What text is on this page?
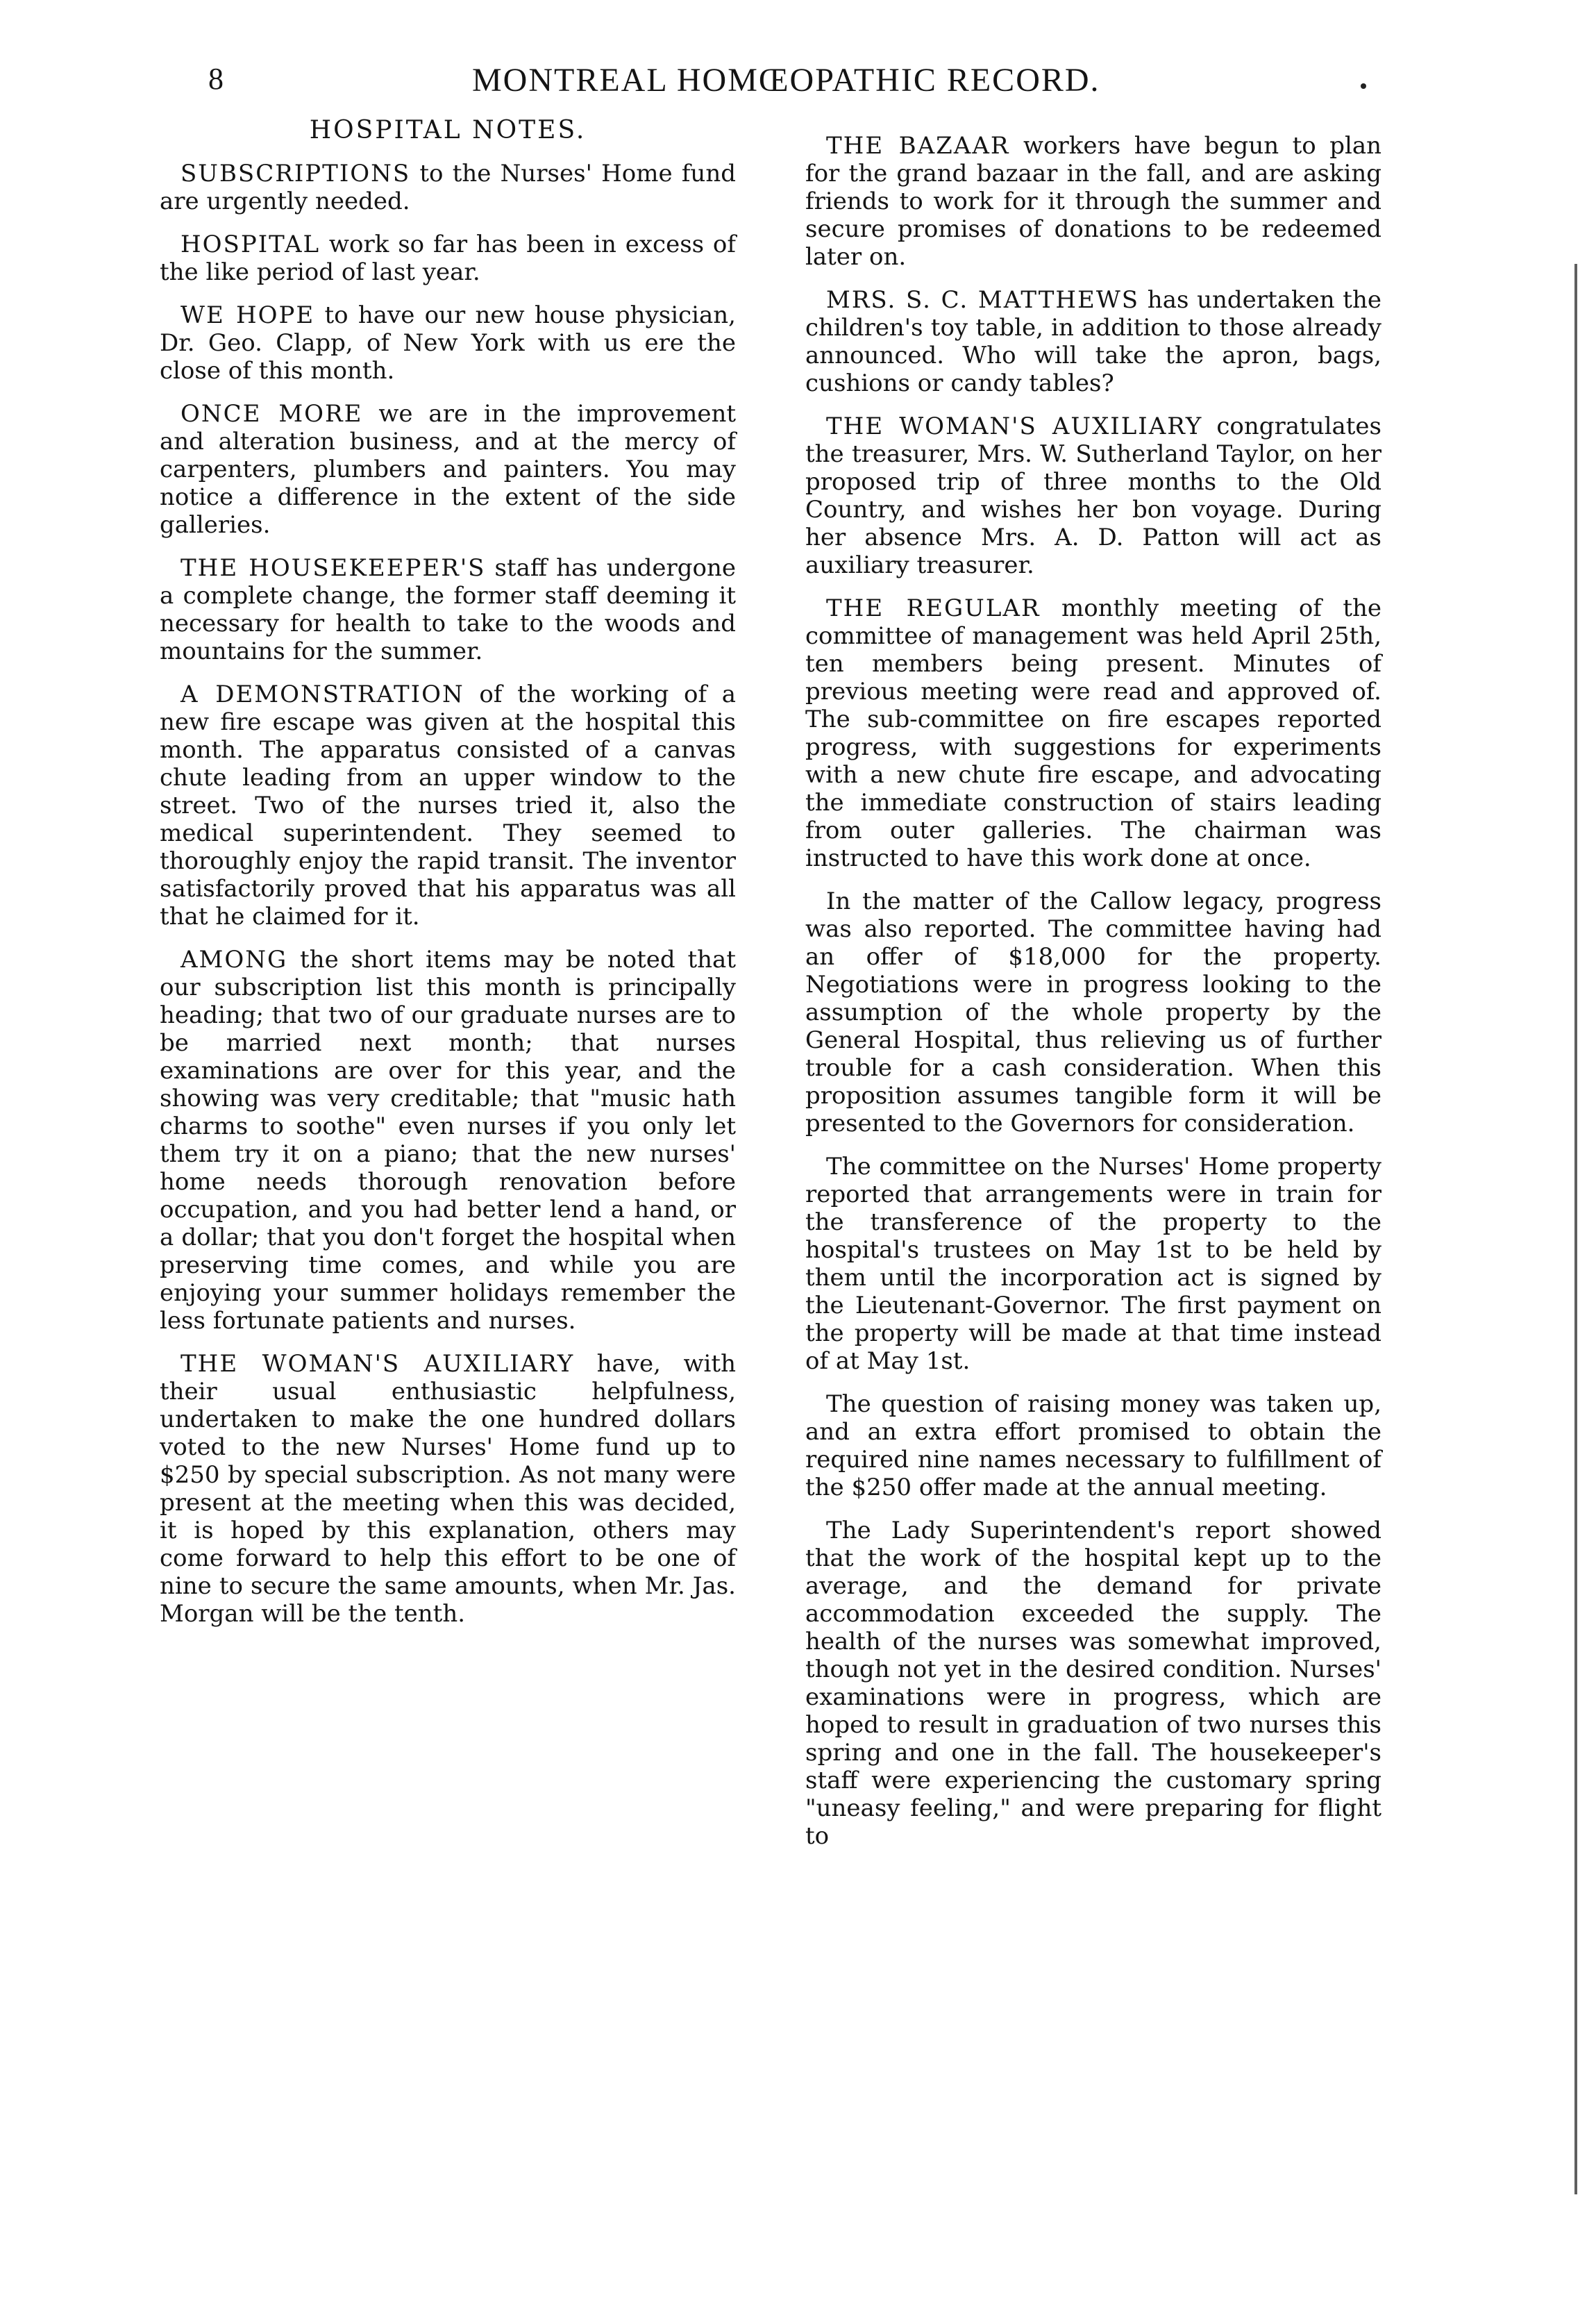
8	MONTREAL HOMŒOPATHIC RECORD.
HOSPITAL NOTES.

SUBSCRIPTIONS to the Nurses' Home fund are urgently needed.

HOSPITAL work so far has been in excess of the like period of last year.

WE HOPE to have our new house physician, Dr. Geo. Clapp, of New York with us ere the close of this month.

ONCE MORE we are in the improvement and alteration business, and at the mercy of carpenters, plumbers and painters. You may notice a difference in the extent of the side galleries.

THE HOUSEKEEPER'S staff has undergone a complete change, the former staff deeming it necessary for health to take to the woods and mountains for the summer.

A DEMONSTRATION of the working of a new fire escape was given at the hospital this month. The apparatus consisted of a canvas chute leading from an upper window to the street. Two of the nurses tried it, also the medical superintendent. They seemed to thoroughly enjoy the rapid transit. The inventor satisfactorily proved that his apparatus was all that he claimed for it.

AMONG the short items may be noted that our subscription list this month is principally heading; that two of our graduate nurses are to be married next month; that nurses examinations are over for this year, and the showing was very creditable; that "music hath charms to soothe" even nurses if you only let them try it on a piano; that the new nurses' home needs thorough renovation before occupation, and you had better lend a hand, or a dollar; that you don't forget the hospital when preserving time comes, and while you are enjoying your summer holidays remember the less fortunate patients and nurses.

THE WOMAN'S AUXILIARY have, with their usual enthusiastic helpfulness, undertaken to make the one hundred dollars voted to the new Nurses' Home fund up to $250 by special subscription. As not many were present at the meeting when this was decided, it is hoped by this explanation, others may come forward to help this effort to be one of nine to secure the same amounts, when Mr. Jas. Morgan will be the tenth.

THE BAZAAR workers have begun to plan for the grand bazaar in the fall, and are asking friends to work for it through the summer and secure promises of donations to be redeemed later on.

MRS. S. C. MATTHEWS has undertaken the children's toy table, in addition to those already announced. Who will take the apron, bags, cushions or candy tables?

THE WOMAN'S AUXILIARY congratulates the treasurer, Mrs. W. Sutherland Taylor, on her proposed trip of three months to the Old Country, and wishes her bon voyage. During her absence Mrs. A. D. Patton will act as auxiliary treasurer.

THE REGULAR monthly meeting of the committee of management was held April 25th, ten members being present. Minutes of previous meeting were read and approved of. The sub-committee on fire escapes reported progress, with suggestions for experiments with a new chute fire escape, and advocating the immediate construction of stairs leading from outer galleries. The chairman was instructed to have this work done at once.

In the matter of the Callow legacy, progress was also reported. The committee having had an offer of $18,000 for the property. Negotiations were in progress looking to the assumption of the whole property by the General Hospital, thus relieving us of further trouble for a cash consideration. When this proposition assumes tangible form it will be presented to the Governors for consideration.

The committee on the Nurses' Home property reported that arrangements were in train for the transference of the property to the hospital's trustees on May 1st to be held by them until the incorporation act is signed by the Lieutenant-Governor. The first payment on the property will be made at that time instead of at May 1st.

The question of raising money was taken up, and an extra effort promised to obtain the required nine names necessary to fulfillment of the $250 offer made at the annual meeting.

The Lady Superintendent's report showed that the work of the hospital kept up to the average, and the demand for private accommodation exceeded the supply. The health of the nurses was somewhat improved, though not yet in the desired condition. Nurses' examinations were in progress, which are hoped to result in graduation of two nurses this spring and one in the fall. The housekeeper's staff were experiencing the customary spring "uneasy feeling," and were preparing for flight to
